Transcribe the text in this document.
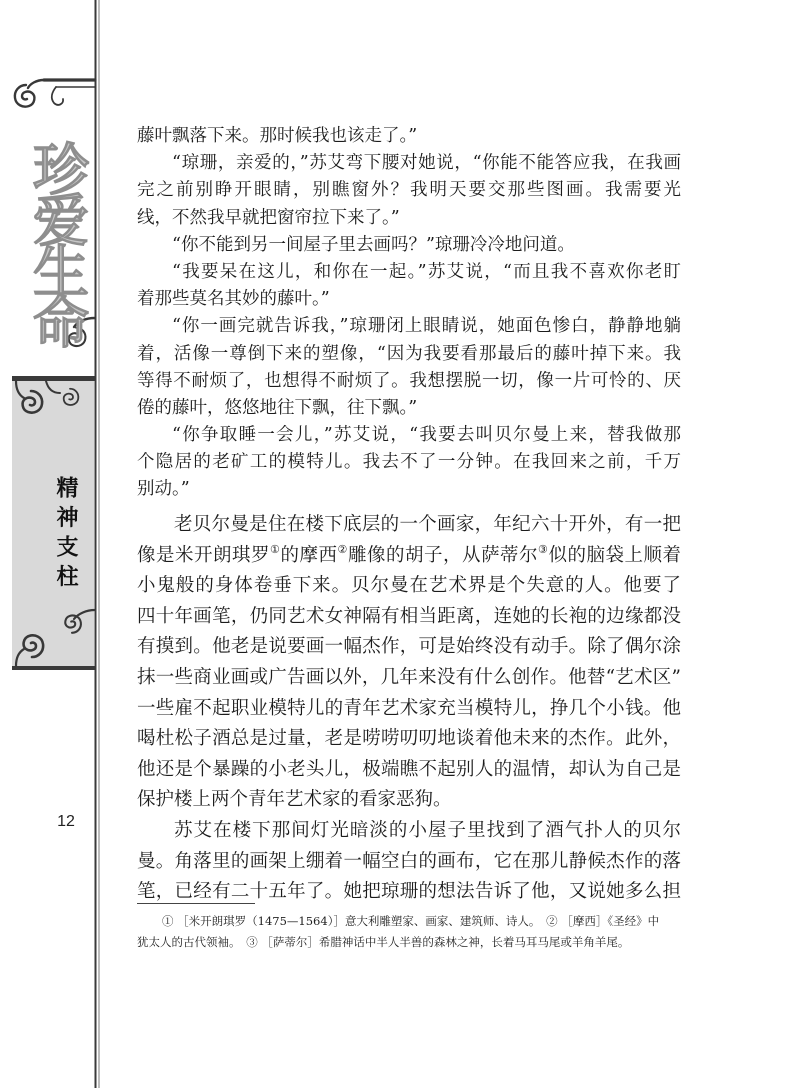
珍爱生命
精神支柱
12
藤叶飘落下来。那时候我也该走了。”
“琼珊，亲爱的，”苏艾弯下腰对她说，“你能不能答应我，在我画
完之前别睁开眼睛，别瞧窗外？我明天要交那些图画。我需要光
线，不然我早就把窗帘拉下来了。”
“你不能到另一间屋子里去画吗？”琼珊冷冷地问道。
“我要呆在这儿，和你在一起。”苏艾说，“而且我不喜欢你老盯
着那些莫名其妙的藤叶。”
“你一画完就告诉我，”琼珊闭上眼睛说，她面色惨白，静静地躺
着，活像一尊倒下来的塑像，“因为我要看那最后的藤叶掉下来。我
等得不耐烦了，也想得不耐烦了。我想摆脱一切，像一片可怜的、厌
倦的藤叶，悠悠地往下飘，往下飘。”
“你争取睡一会儿，”苏艾说，“我要去叫贝尔曼上来，替我做那
个隐居的老矿工的模特儿。我去不了一分钟。在我回来之前，千万
别动。”
老贝尔曼是住在楼下底层的一个画家，年纪六十开外，有一把
像是米开朗琪罗①的摩西②雕像的胡子，从萨蒂尔③似的脑袋上顺着
小鬼般的身体卷垂下来。贝尔曼在艺术界是个失意的人。他要了
四十年画笔，仍同艺术女神隔有相当距离，连她的长袍的边缘都没
有摸到。他老是说要画一幅杰作，可是始终没有动手。除了偶尔涂
抹一些商业画或广告画以外，几年来没有什么创作。他替“艺术区”
一些雇不起职业模特儿的青年艺术家充当模特儿，挣几个小钱。他
喝杜松子酒总是过量，老是唠唠叨叨地谈着他未来的杰作。此外，
他还是个暴躁的小老头儿，极端瞧不起别人的温情，却认为自己是
保护楼上两个青年艺术家的看家恶狗。
苏艾在楼下那间灯光暗淡的小屋子里找到了酒气扑人的贝尔
曼。角落里的画架上绷着一幅空白的画布，它在那儿静候杰作的落
笔，已经有二十五年了。她把琼珊的想法告诉了他，又说她多么担
① ［米开朗琪罗（1475—1564）］意大利雕塑家、画家、建筑师、诗人。　② ［摩西］《圣经》中
犹太人的古代领袖。　③ ［萨蒂尔］希腊神话中半人半兽的森林之神，长着马耳马尾或羊角羊尾。
